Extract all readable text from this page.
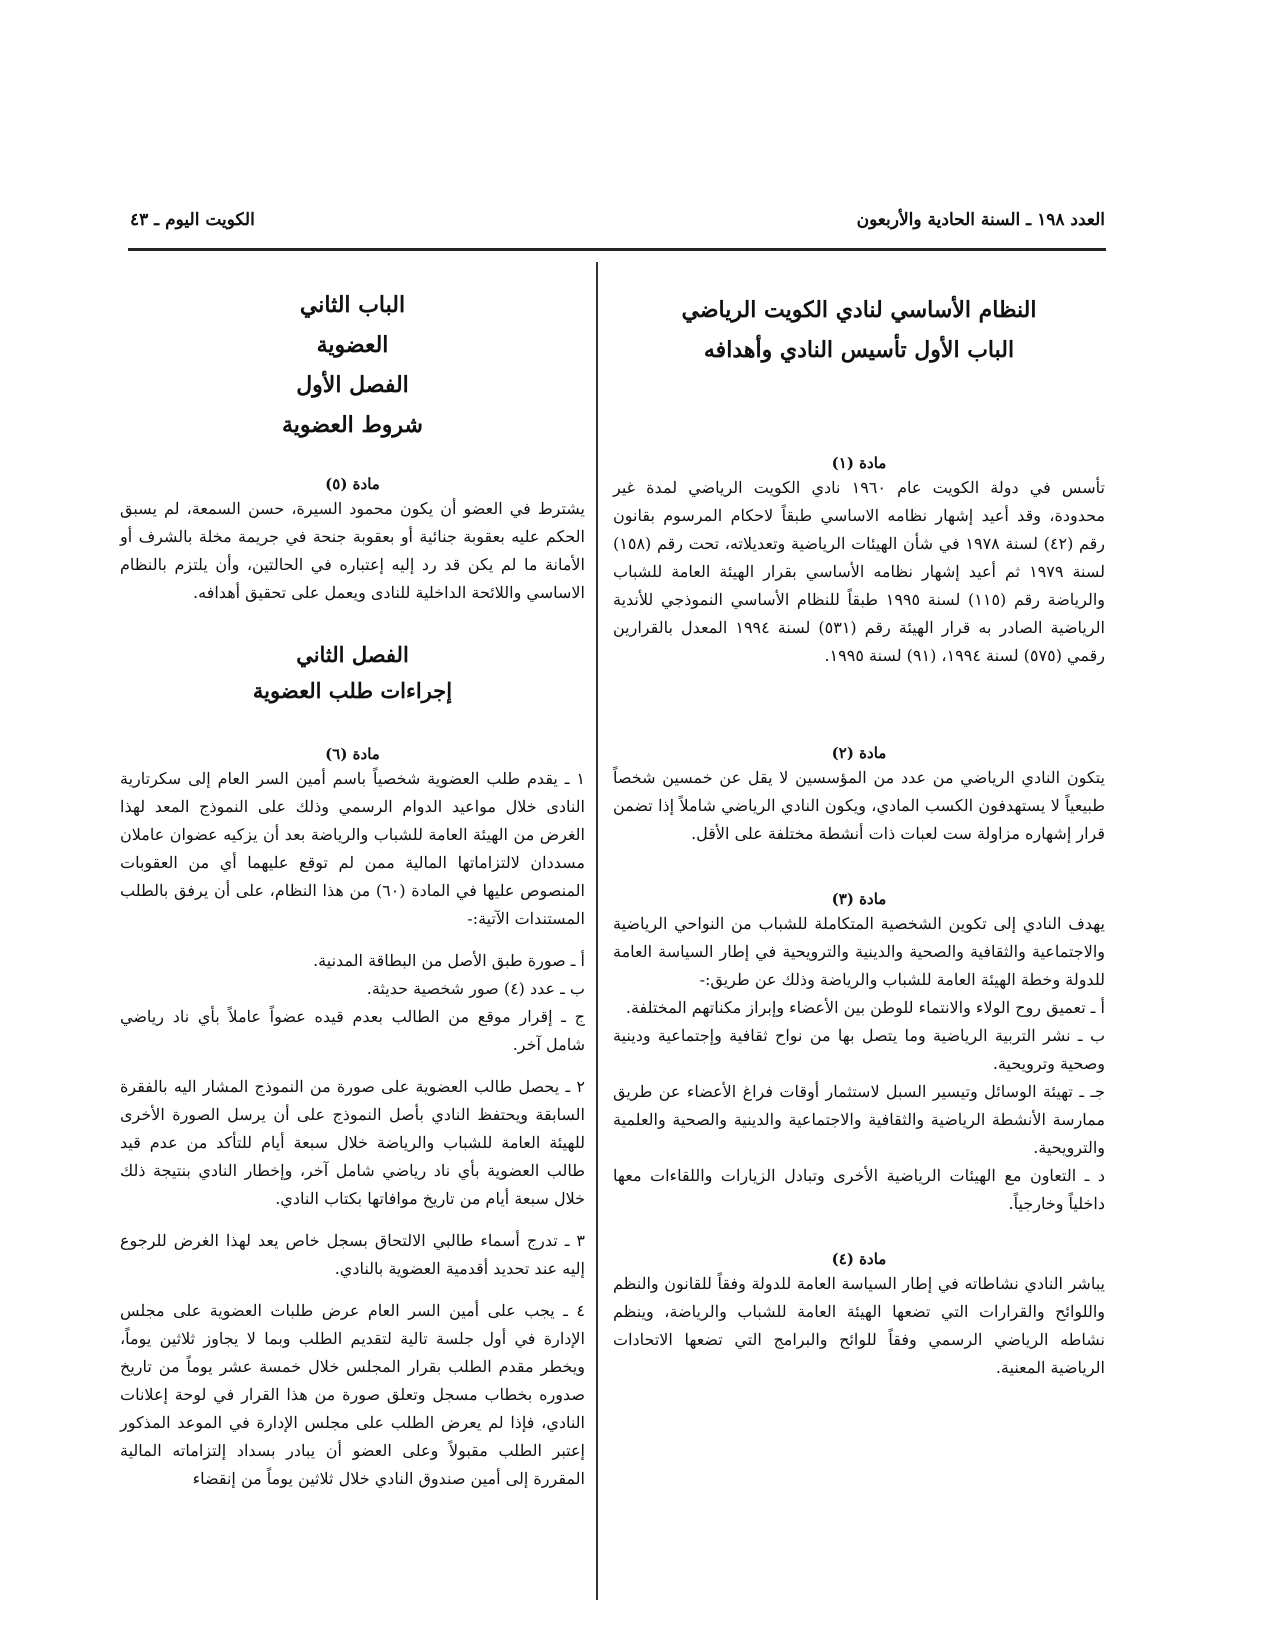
العدد ١٩٨ ـ السنة الحادية والأربعون
الكويت اليوم ـ ٤٣
النظام الأساسي لنادي الكويت الرياضي
الباب الأول تأسيس النادي وأهدافه
مادة (١)

تأسس في دولة الكويت عام ١٩٦٠ نادي الكويت الرياضي لمدة غير محدودة، وقد أعيد إشهار نظامه الاساسي طبقاً لاحكام المرسوم بقانون رقم (٤٢) لسنة ١٩٧٨ في شأن الهيئات الرياضية وتعديلاته، تحت رقم (١٥٨) لسنة ١٩٧٩ ثم أعيد إشهار نظامه الأساسي بقرار الهيئة العامة للشباب والرياضة رقم (١١٥) لسنة ١٩٩٥ طبقاً للنظام الأساسي النموذجي للأندية الرياضية الصادر به قرار الهيئة رقم (٥٣١) لسنة ١٩٩٤ المعدل بالقرارين رقمي (٥٧٥) لسنة ١٩٩٤، (٩١) لسنة ١٩٩٥.

مادة (٢)

يتكون النادي الرياضي من عدد من المؤسسين لا يقل عن خمسين شخصاً طبيعياً لا يستهدفون الكسب المادي، ويكون النادي الرياضي شاملاً إذا تضمن قرار إشهاره مزاولة ست لعبات ذات أنشطة مختلفة على الأقل.

مادة (٣)

يهدف النادي إلى تكوين الشخصية المتكاملة للشباب من النواحي الرياضية والاجتماعية والثقافية والصحية والدينية والترويحية في إطار السياسة العامة للدولة وخطة الهيئة العامة للشباب والرياضة وذلك عن طريق:-

أ ـ تعميق روح الولاء والانتماء للوطن بين الأعضاء وإبراز مكناتهم المختلفة.

ب ـ نشر التربية الرياضية وما يتصل بها من نواح ثقافية وإجتماعية ودينية وصحية وترويحية.

جـ ـ تهيئة الوسائل وتيسير السبل لاستثمار أوقات فراغ الأعضاء عن طريق ممارسة الأنشطة الرياضية والثقافية والاجتماعية والدينية والصحية والعلمية والترويحية.

د ـ التعاون مع الهيئات الرياضية الأخرى وتبادل الزيارات واللقاءات معها داخلياً وخارجياً.

مادة (٤)

يباشر النادي نشاطاته في إطار السياسة العامة للدولة وفقاً للقانون والنظم واللوائح والقرارات التي تضعها الهيئة العامة للشباب والرياضة، وينظم نشاطه الرياضي الرسمي وفقاً للوائح والبرامج التي تضعها الاتحادات الرياضية المعنية.

الباب الثاني
العضوية
الفصل الأول
شروط العضوية
مادة (٥)

يشترط في العضو أن يكون محمود السيرة، حسن السمعة، لم يسبق الحكم عليه بعقوبة جنائية أو بعقوبة جنحة في جريمة مخلة بالشرف أو الأمانة ما لم يكن قد رد إليه إعتباره في الحالتين، وأن يلتزم بالنظام الاساسي واللائحة الداخلية للنادى ويعمل على تحقيق أهدافه.

الفصل الثاني
إجراءات طلب العضوية
مادة (٦)

١ ـ يقدم طلب العضوية شخصياً باسم أمين السر العام إلى سكرتارية النادى خلال مواعيد الدوام الرسمي وذلك على النموذج المعد لهذا الغرض من الهيئة العامة للشباب والرياضة بعد أن يزكيه عضوان عاملان مسددان لالتزاماتها المالية ممن لم توقع عليهما أي من العقوبات المنصوص عليها في المادة (٦٠) من هذا النظام، على أن يرفق بالطلب المستندات الآتية:-

أ ـ صورة طبق الأصل من البطاقة المدنية.

ب ـ عدد (٤) صور شخصية حديثة.

ج ـ إقرار موقع من الطالب بعدم قيده عضواً عاملاً بأي ناد رياضي شامل آخر.

٢ ـ يحصل طالب العضوية على صورة من النموذج المشار اليه بالفقرة السابقة ويحتفظ النادي بأصل النموذج على أن يرسل الصورة الأخرى للهيئة العامة للشباب والرياضة خلال سبعة أيام للتأكد من عدم قيد طالب العضوية بأي ناد رياضي شامل آخر، وإخطار النادي بنتيجة ذلك خلال سبعة أيام من تاريخ موافاتها بكتاب النادي.

٣ ـ تدرج أسماء طالبي الالتحاق بسجل خاص يعد لهذا الغرض للرجوع إليه عند تحديد أقدمية العضوية بالنادي.

٤ ـ يجب على أمين السر العام عرض طلبات العضوية على مجلس الإدارة في أول جلسة تالية لتقديم الطلب وبما لا يجاوز ثلاثين يوماً، ويخطر مقدم الطلب بقرار المجلس خلال خمسة عشر يوماً من تاريخ صدوره بخطاب مسجل وتعلق صورة من هذا القرار في لوحة إعلانات النادي، فإذا لم يعرض الطلب على مجلس الإدارة في الموعد المذكور إعتبر الطلب مقبولاً وعلى العضو أن يبادر بسداد إلتزاماته المالية المقررة إلى أمين صندوق النادي خلال ثلاثين يوماً من إنقضاء
